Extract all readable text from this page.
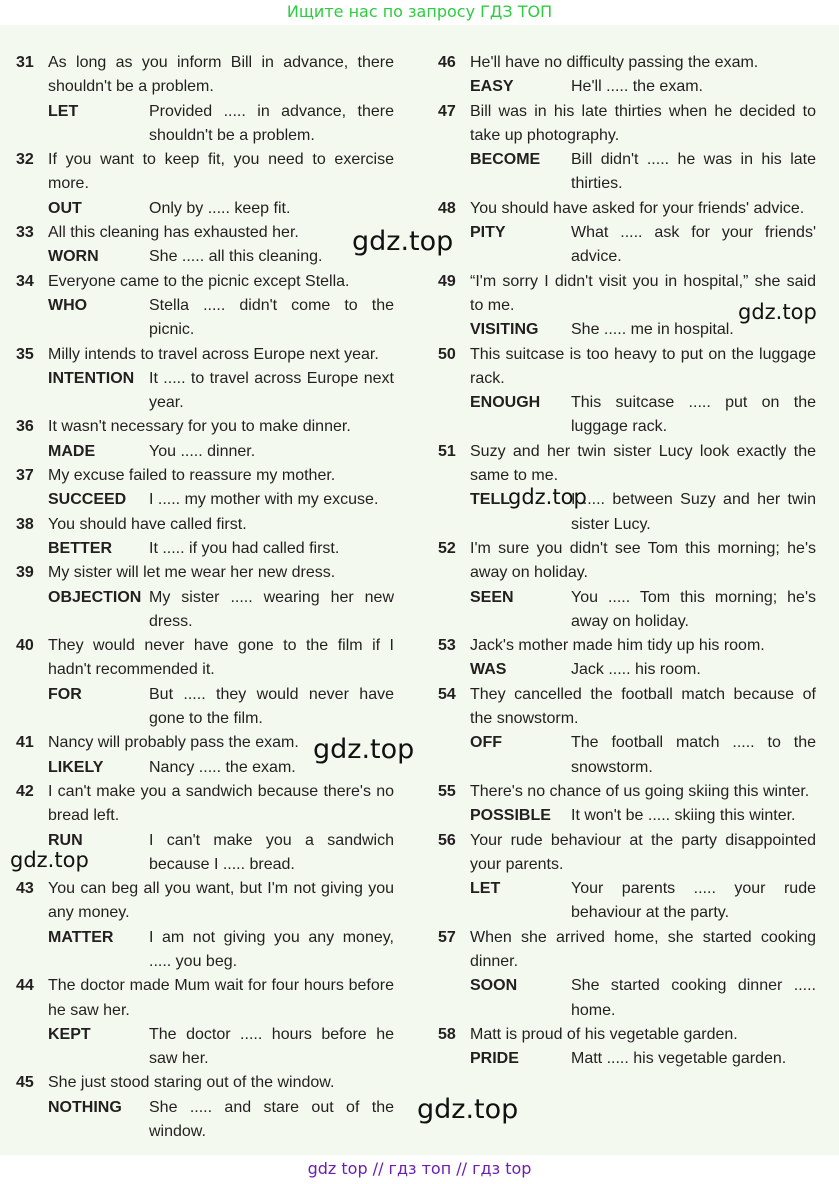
Ищите нас по запросу ГДЗ ТОП
31 As long as you inform Bill in advance, there shouldn't be a problem.
LET	Provided ..... in advance, there shouldn't be a problem.
32 If you want to keep fit, you need to exercise more.
OUT	Only by ..... keep fit.
33 All this cleaning has exhausted her.
WORN	She ..... all this cleaning.
34 Everyone came to the picnic except Stella.
WHO	Stella ..... didn't come to the picnic.
35 Milly intends to travel across Europe next year.
INTENTION It ..... to travel across Europe next year.
36 It wasn't necessary for you to make dinner.
MADE	You ..... dinner.
37 My excuse failed to reassure my mother.
SUCCEED	I ..... my mother with my excuse.
38 You should have called first.
BETTER	It ..... if you had called first.
39 My sister will let me wear her new dress.
OBJECTION My sister ..... wearing her new dress.
40 They would never have gone to the film if I hadn't recommended it.
FOR	But ..... they would never have gone to the film.
41 Nancy will probably pass the exam.
LIKELY	Nancy ..... the exam.
42 I can't make you a sandwich because there's no bread left.
RUN	I can't make you a sandwich because I ..... bread.
43 You can beg all you want, but I'm not giving you any money.
MATTER	I am not giving you any money, ..... you beg.
44 The doctor made Mum wait for four hours before he saw her.
KEPT	The doctor ..... hours before he saw her.
45 She just stood staring out of the window.
NOTHING	She ..... and stare out of the window.
46 He'll have no difficulty passing the exam.
EASY	He'll ..... the exam.
47 Bill was in his late thirties when he decided to take up photography.
BECOME	Bill didn't ..... he was in his late thirties.
48 You should have asked for your friends' advice.
PITY	What ..... ask for your friends' advice.
49 “I'm sorry I didn't visit you in hospital,” she said to me.
VISITING	She ..... me in hospital.
50 This suitcase is too heavy to put on the luggage rack.
ENOUGH	This suitcase ..... put on the luggage rack.
51 Suzy and her twin sister Lucy look exactly the same to me.
TELL	I ..... between Suzy and her twin sister Lucy.
52 I'm sure you didn't see Tom this morning; he's away on holiday.
SEEN	You ..... Tom this morning; he's away on holiday.
53 Jack's mother made him tidy up his room.
WAS	Jack ..... his room.
54 They cancelled the football match because of the snowstorm.
OFF	The football match ..... to the snowstorm.
55 There's no chance of us going skiing this winter.
POSSIBLE	It won't be ..... skiing this winter.
56 Your rude behaviour at the party disappointed your parents.
LET	Your parents ..... your rude behaviour at the party.
57 When she arrived home, she started cooking dinner.
SOON	She started cooking dinner ..... home.
58 Matt is proud of his vegetable garden.
PRIDE	Matt ..... his vegetable garden.
gdz.top
gdz.top
gdz.top
gdz.top
gdz.top
gdz.top
gdz top // гдз топ // гдз top
